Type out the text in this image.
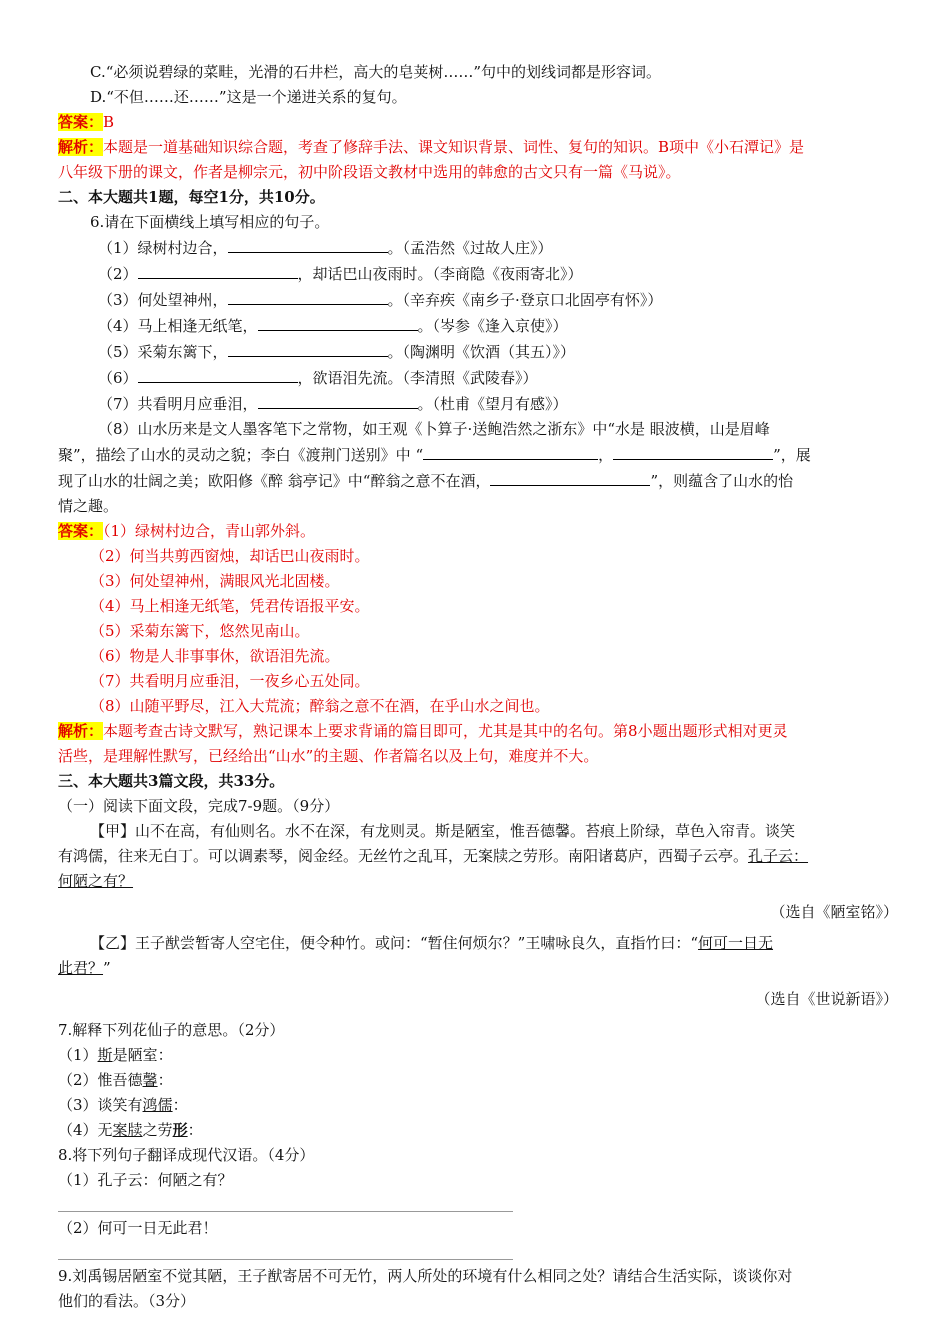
C.“必须说碧绿的菜畦，光滑的石井栏，高大的皂荚树……”句中的划线词都是形容词。

D.“不但……还……”这是一个递进关系的复句。

答案：B

解析：本题是一道基础知识综合题，考查了修辞手法、课文知识背景、词性、复句的知识。B项中《小石潭记》是

八年级下册的课文，作者是柳宗元，初中阶段语文教材中选用的韩愈的古文只有一篇《马说》。

二、本大题共1题，每空1分，共10分。

6.请在下面横线上填写相应的句子。

（1）绿树村边合，	。（孟浩然《过故人庄》）

（2）	，却话巴山夜雨时。（李商隐《夜雨寄北》）

（3）何处望神州，	。（辛弃疾《南乡子·登京口北固亭有怀》）

（4）马上相逢无纸笔，	。（岑参《逢入京使》）

（5）采菊东篱下，	。（陶渊明《饮酒（其五）》）

（6）	，欲语泪先流。（李清照《武陵春》）

（7）共看明月应垂泪，	。（杜甫《望月有感》）

（8）山水历来是文人墨客笔下之常物，如王观《卜算子·送鲍浩然之浙东》中“水是 眼波横，山是眉峰

聚”，描绘了山水的灵动之貌；李白《渡荆门送别》中 “	，	”，展

现了山水的壮阔之美；欧阳修《醉 翁亭记》中“醉翁之意不在酒，	”，则蕴含了山水的怡

情之趣。

答案：（1）绿树村边合，青山郭外斜。

（2）何当共剪西窗烛，却话巴山夜雨时。

（3）何处望神州，满眼风光北固楼。

（4）马上相逢无纸笔，凭君传语报平安。

（5）采菊东篱下，悠然见南山。

（6）物是人非事事休，欲语泪先流。

（7）共看明月应垂泪，一夜乡心五处同。

（8）山随平野尽，江入大荒流；醉翁之意不在酒，在乎山水之间也。

解析：本题考查古诗文默写，熟记课本上要求背诵的篇目即可，尤其是其中的名句。第8小题出题形式相对更灵

活些，是理解性默写，已经给出“山水”的主题、作者篇名以及上句，难度并不大。

三、本大题共3篇文段，共33分。

（一）阅读下面文段，完成7-9题。（9分）

【甲】山不在高，有仙则名。水不在深，有龙则灵。斯是陋室，惟吾德馨。苔痕上阶绿，草色入帘青。谈笑

有鸿儒，往来无白丁。可以调素琴，阅金经。无丝竹之乱耳，无案牍之劳形。南阳诸葛庐，西蜀子云亭。孔子云：

何陋之有？

（选自《陋室铭》）

【乙】王子猷尝暂寄人空宅住，便令种竹。或问：“暂住何烦尔？”王啸咏良久，直指竹曰：“何可一日无

此君？”

（选自《世说新语》）

7.解释下列花仙子的意思。（2分）

（1）斯是陋室：

（2）惟吾德馨：

（3）谈笑有鸿儒：

（4）无案牍之劳形：

8.将下列句子翻译成现代汉语。（4分）

（1）孔子云：何陋之有？

（2）何可一日无此君！

9.刘禹锡居陋室不觉其陋，王子猷寄居不可无竹，两人所处的环境有什么相同之处？请结合生活实际，谈谈你对

他们的看法。（3分）
